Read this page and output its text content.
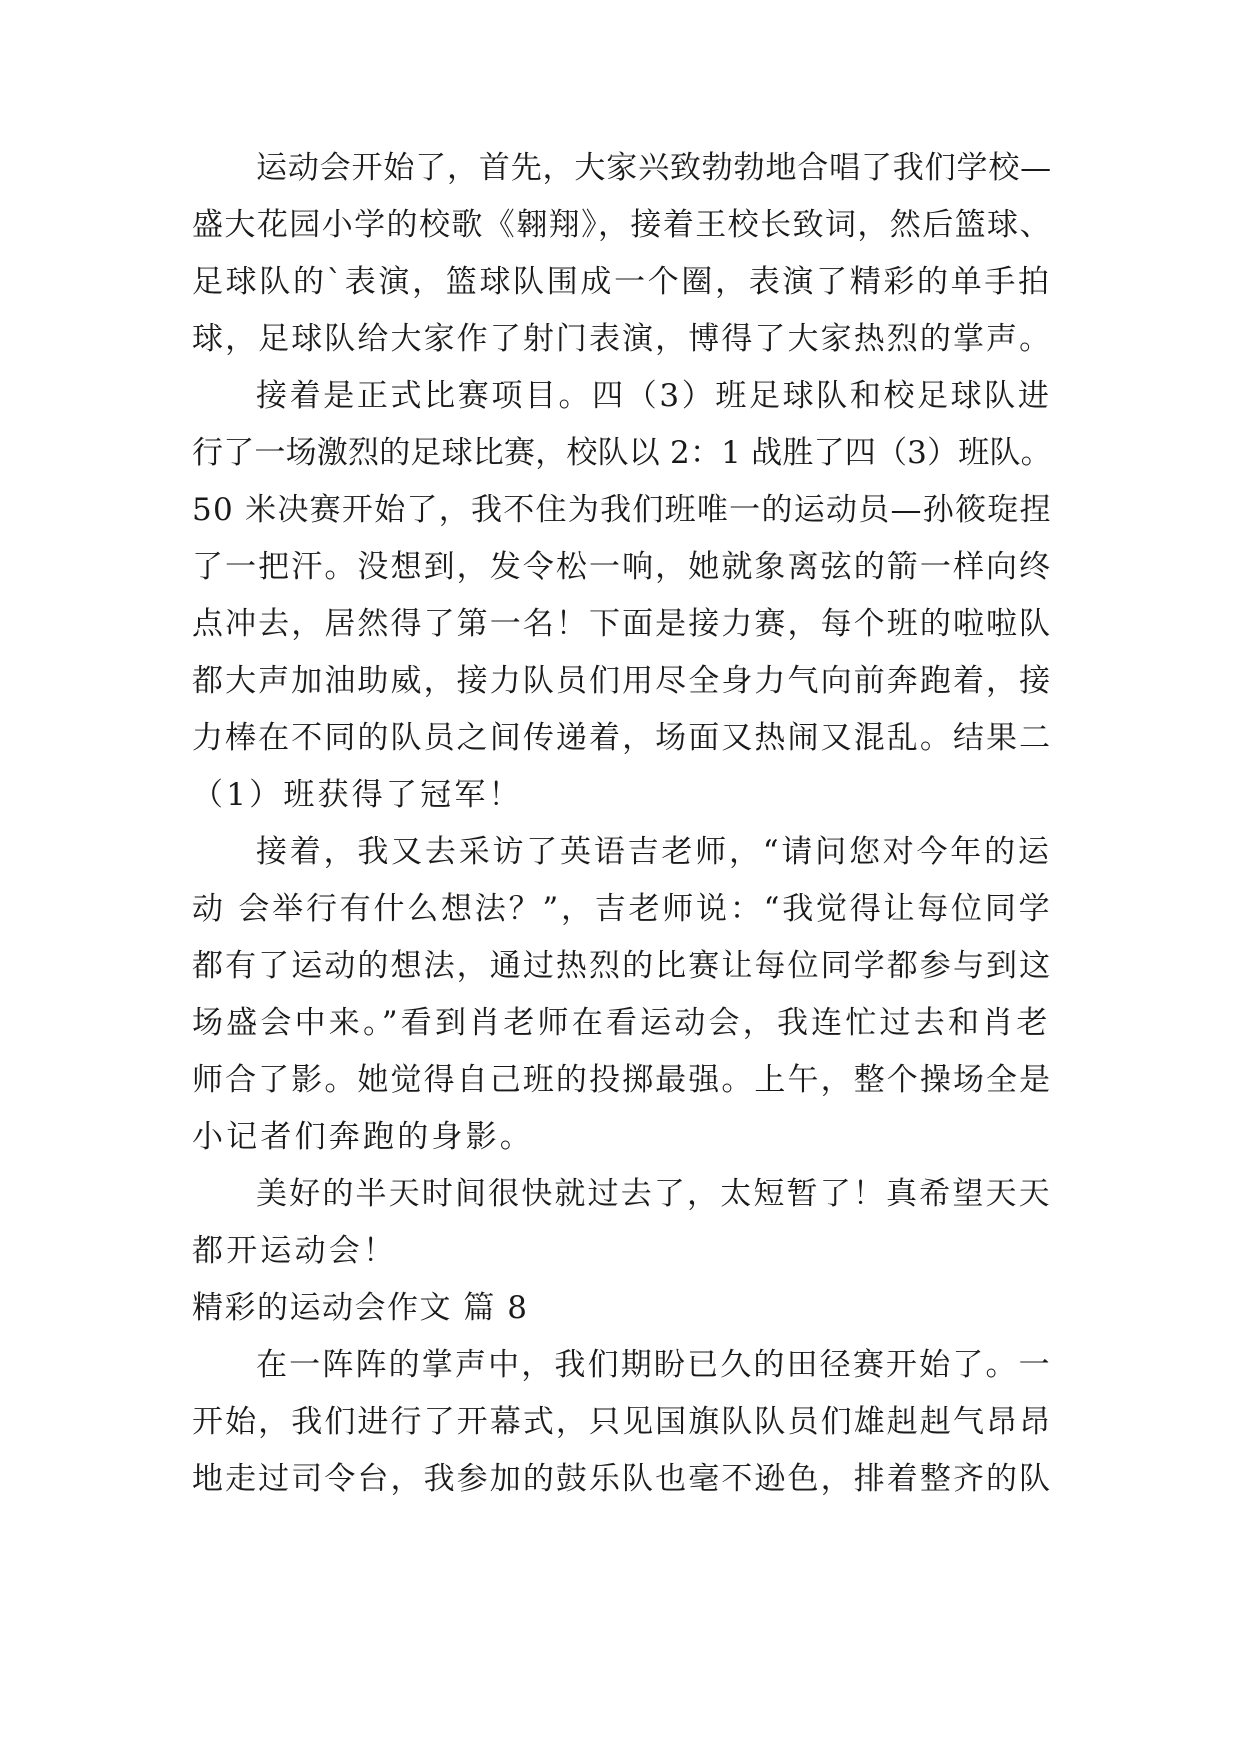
运动会开始了，首先，大家兴致勃勃地合唱了我们学校—
盛大花园小学的校歌《翱翔》，接着王校长致词，然后篮球、
足球队的`表演，篮球队围成一个圈，表演了精彩的单手拍
球，足球队给大家作了射门表演，博得了大家热烈的掌声。
接着是正式比赛项目。四（3）班足球队和校足球队进
行了一场激烈的足球比赛，校队以 2：1 战胜了四（3）班队。
50 米决赛开始了，我不住为我们班唯一的运动员—孙筱琁捏
了一把汗。没想到，发令松一响，她就象离弦的箭一样向终
点冲去，居然得了第一名！下面是接力赛，每个班的啦啦队
都大声加油助威，接力队员们用尽全身力气向前奔跑着，接
力棒在不同的队员之间传递着，场面又热闹又混乱。结果二
（1）班获得了冠军！
接着，我又去采访了英语吉老师，“请问您对今年的运
动 会举行有什么想法？”，吉老师说：“我觉得让每位同学
都有了运动的想法，通过热烈的比赛让每位同学都参与到这
场盛会中来。”看到肖老师在看运动会，我连忙过去和肖老
师合了影。她觉得自己班的投掷最强。上午，整个操场全是
小记者们奔跑的身影。
美好的半天时间很快就过去了，太短暂了！真希望天天
都开运动会！
精彩的运动会作文 篇 8
在一阵阵的掌声中，我们期盼已久的田径赛开始了。一
开始，我们进行了开幕式，只见国旗队队员们雄赳赳气昂昂
地走过司令台，我参加的鼓乐队也毫不逊色，排着整齐的队
